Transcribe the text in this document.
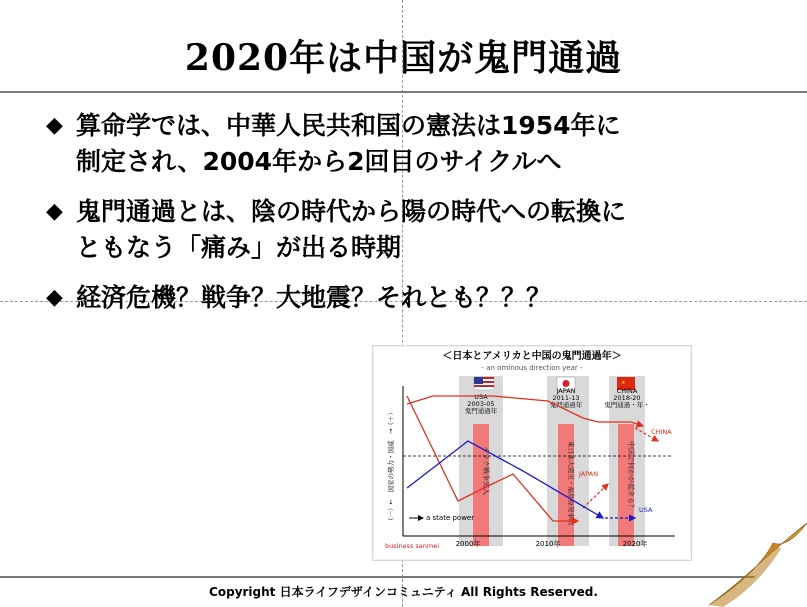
2020年は中国が鬼門通過
◆ 算命学では、中華人民共和国の憲法は1954年に
制定され、2004年から2回目のサイクルへ
◆ 鬼門通過とは、陰の時代から陽の時代への転換に
ともなう「痛み」が出る時期
◆ 経済危機？戦争？大地震？それとも？？？
＜日本とアメリカと中国の鬼門通過年＞
- an ominous direction year -
★
USA 2003-05 鬼門通過年
JAPAN 2011-13 鬼門通過年
CHINA 2018-20 鬼門通過・年・
イラク戦争突入	東日本大震災・福島原発事故	中国で何かが起きる？
（一）←　国家の勢力・国威　→（＋）	a state power
2000年	2010年	2020年
business sanmei
CHINA
JAPAN
USA
Copyright 日本ライフデザインコミュニティ All Rights Reserved.
